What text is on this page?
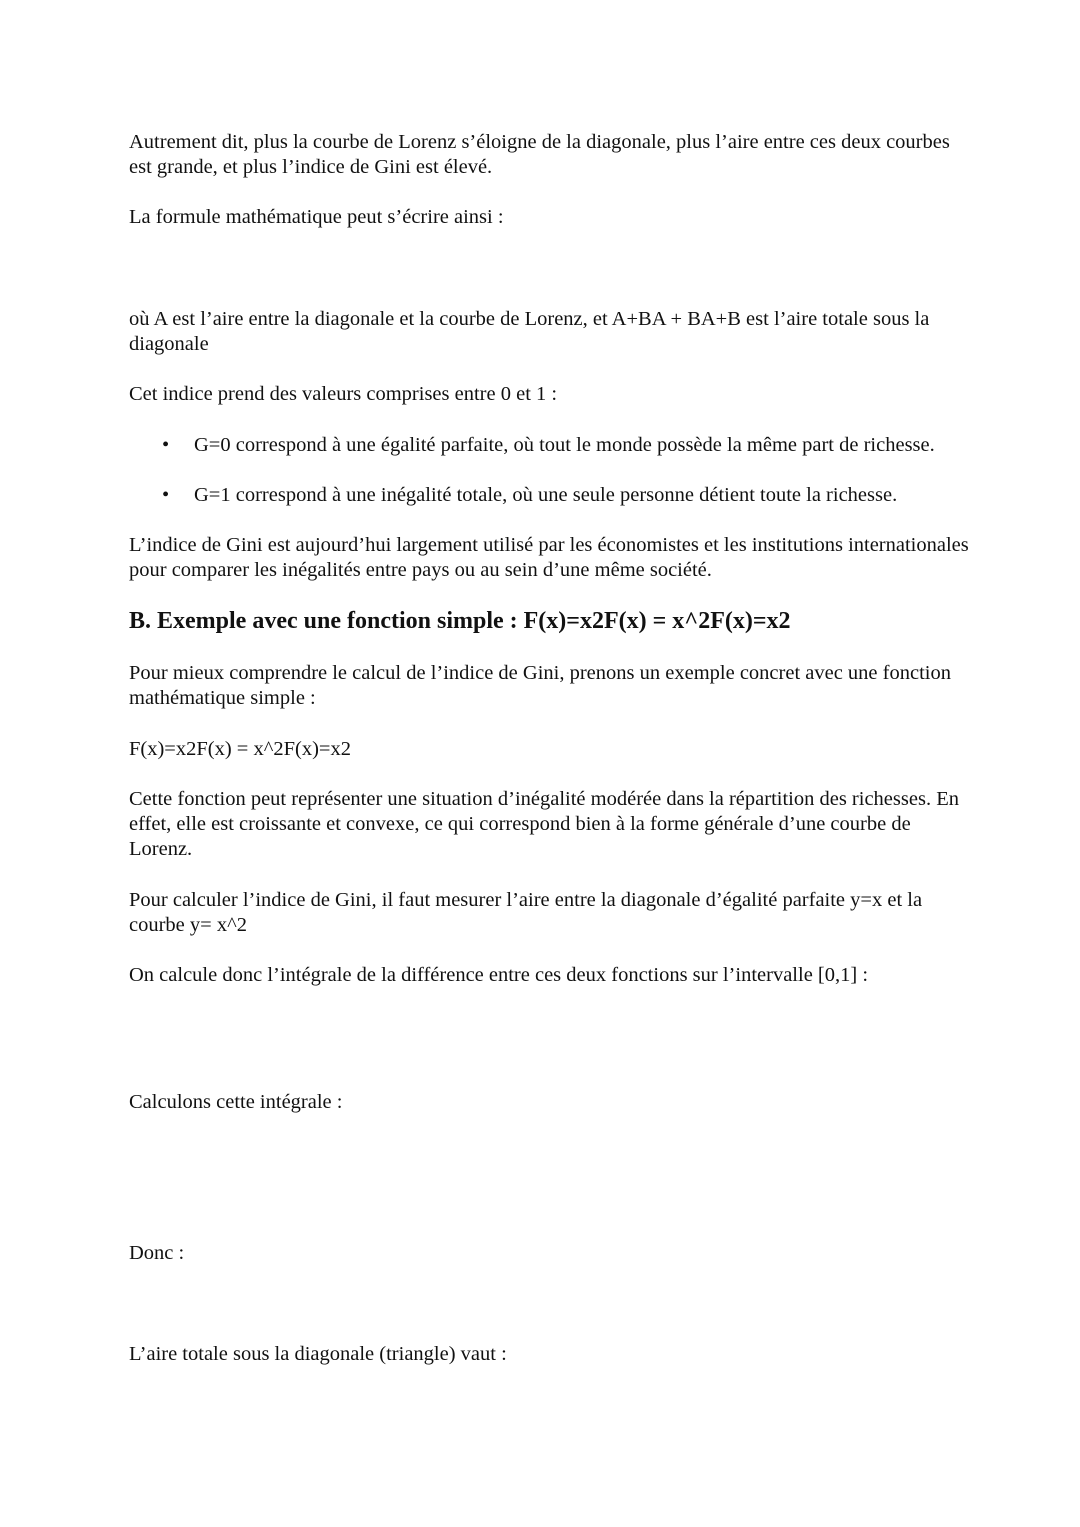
Autrement dit, plus la courbe de Lorenz s’éloigne de la diagonale, plus l’aire entre ces deux courbes est grande, et plus l’indice de Gini est élevé.

La formule mathématique peut s’écrire ainsi :

où A est l’aire entre la diagonale et la courbe de Lorenz, et A+BA + BA+B est l’aire totale sous la diagonale

Cet indice prend des valeurs comprises entre 0 et 1 :

• G=0 correspond à une égalité parfaite, où tout le monde possède la même part de richesse.

• G=1 correspond à une inégalité totale, où une seule personne détient toute la richesse.

L’indice de Gini est aujourd’hui largement utilisé par les économistes et les institutions internationales pour comparer les inégalités entre pays ou au sein d’une même société.

B. Exemple avec une fonction simple : F(x)=x2F(x) = x^2F(x)=x2

Pour mieux comprendre le calcul de l’indice de Gini, prenons un exemple concret avec une fonction mathématique simple :

F(x)=x2F(x) = x^2F(x)=x2

Cette fonction peut représenter une situation d’inégalité modérée dans la répartition des richesses. En effet, elle est croissante et convexe, ce qui correspond bien à la forme générale d’une courbe de Lorenz.

Pour calculer l’indice de Gini, il faut mesurer l’aire entre la diagonale d’égalité parfaite y=x et la courbe y= x^2

On calcule donc l’intégrale de la différence entre ces deux fonctions sur l’intervalle [0,1] :

Calculons cette intégrale :

Donc :

L’aire totale sous la diagonale (triangle) vaut :
